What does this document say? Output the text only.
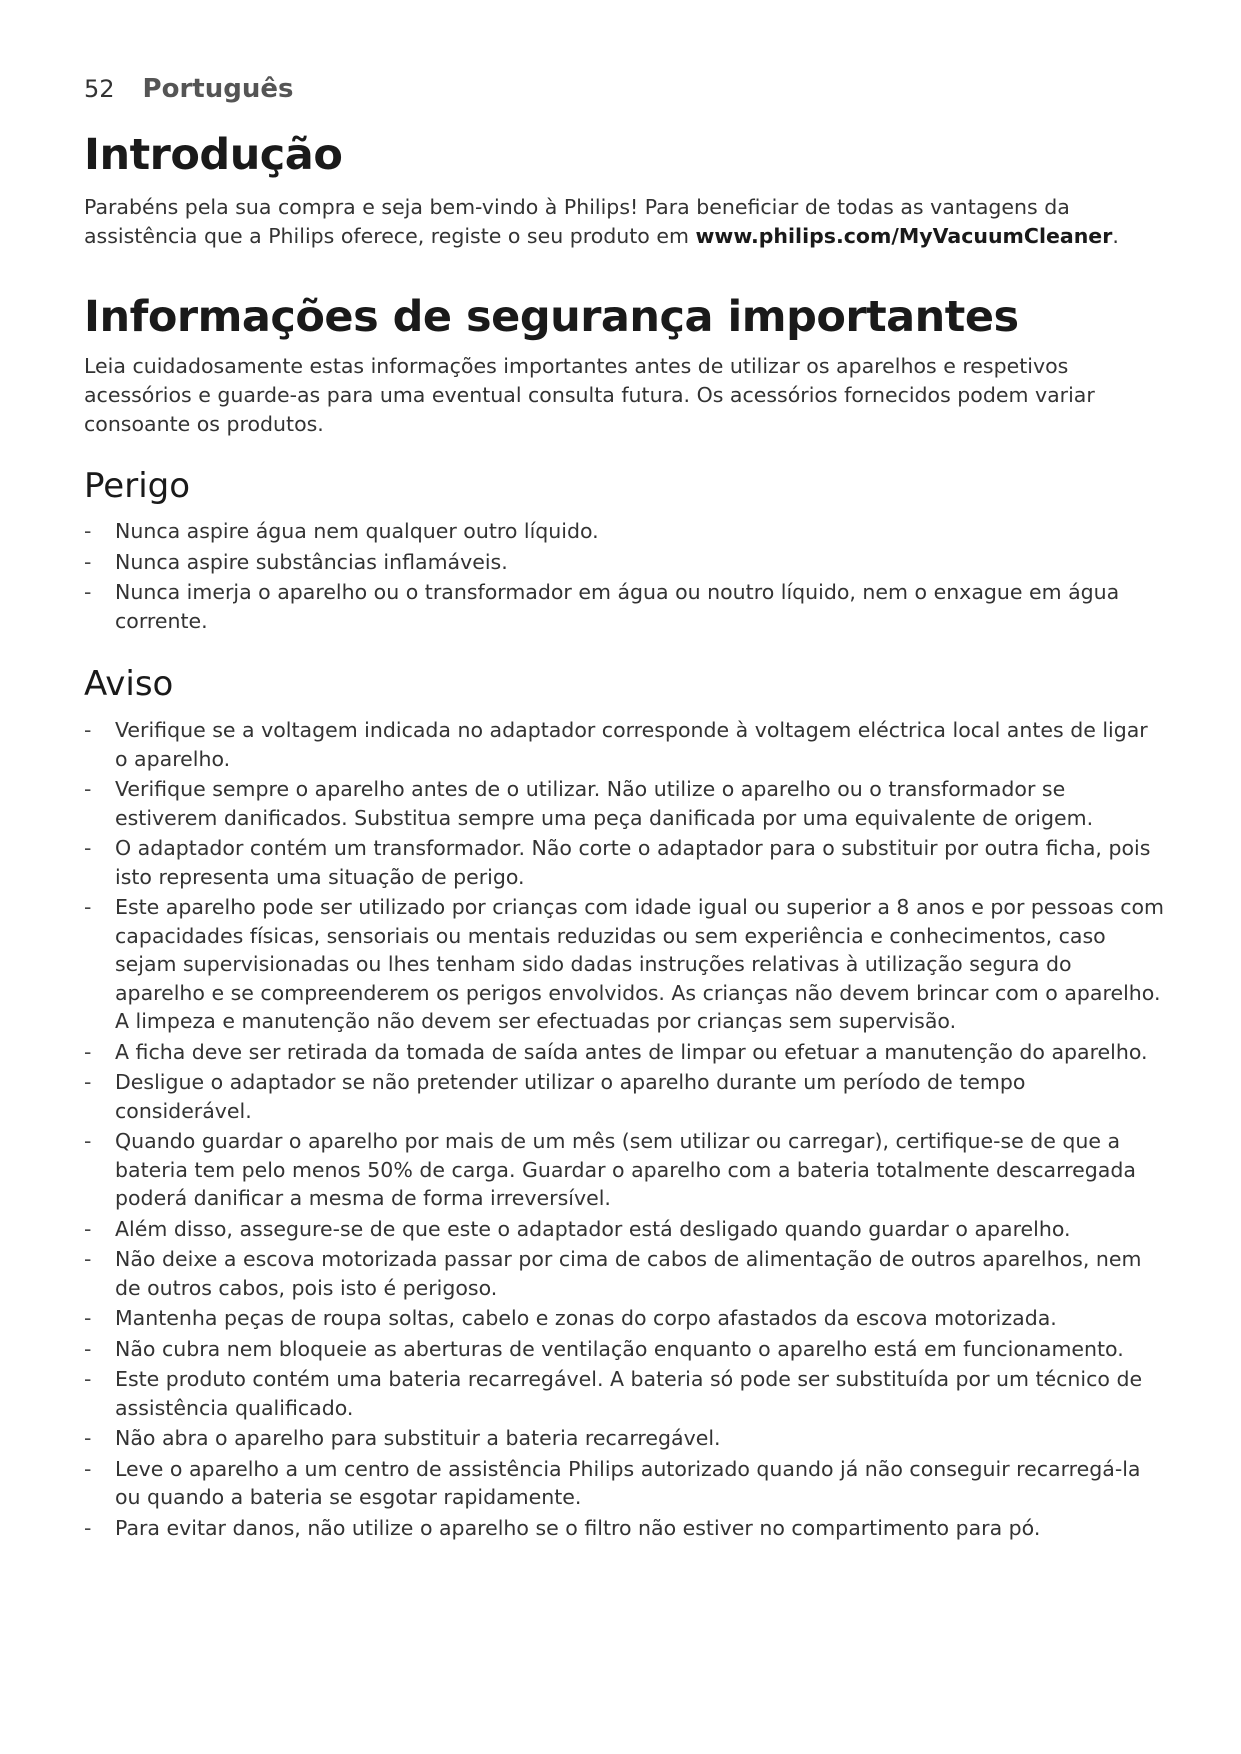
52 Português
Introdução

Parabéns pela sua compra e seja bem-vindo à Philips! Para beneficiar de todas as vantagens da assistência que a Philips oferece, registe o seu produto em www.philips.com/MyVacuumCleaner.

Informações de segurança importantes

Leia cuidadosamente estas informações importantes antes de utilizar os aparelhos e respetivos acessórios e guarde-as para uma eventual consulta futura. Os acessórios fornecidos podem variar consoante os produtos.

Perigo
- Nunca aspire água nem qualquer outro líquido.
- Nunca aspire substâncias inflamáveis.
- Nunca imerja o aparelho ou o transformador em água ou noutro líquido, nem o enxague em água corrente.
Aviso
- Verifique se a voltagem indicada no adaptador corresponde à voltagem eléctrica local antes de ligar o aparelho.
- Verifique sempre o aparelho antes de o utilizar. Não utilize o aparelho ou o transformador se estiverem danificados. Substitua sempre uma peça danificada por uma equivalente de origem.
- O adaptador contém um transformador. Não corte o adaptador para o substituir por outra ficha, pois isto representa uma situação de perigo.
- Este aparelho pode ser utilizado por crianças com idade igual ou superior a 8 anos e por pessoas com capacidades físicas, sensoriais ou mentais reduzidas ou sem experiência e conhecimentos, caso sejam supervisionadas ou lhes tenham sido dadas instruções relativas à utilização segura do aparelho e se compreenderem os perigos envolvidos. As crianças não devem brincar com o aparelho. A limpeza e manutenção não devem ser efectuadas por crianças sem supervisão.
- A ficha deve ser retirada da tomada de saída antes de limpar ou efetuar a manutenção do aparelho.
- Desligue o adaptador se não pretender utilizar o aparelho durante um período de tempo considerável.
- Quando guardar o aparelho por mais de um mês (sem utilizar ou carregar), certifique-se de que a bateria tem pelo menos 50% de carga. Guardar o aparelho com a bateria totalmente descarregada poderá danificar a mesma de forma irreversível.
- Além disso, assegure-se de que este o adaptador está desligado quando guardar o aparelho.
- Não deixe a escova motorizada passar por cima de cabos de alimentação de outros aparelhos, nem de outros cabos, pois isto é perigoso.
- Mantenha peças de roupa soltas, cabelo e zonas do corpo afastados da escova motorizada.
- Não cubra nem bloqueie as aberturas de ventilação enquanto o aparelho está em funcionamento.
- Este produto contém uma bateria recarregável. A bateria só pode ser substituída por um técnico de assistência qualificado.
- Não abra o aparelho para substituir a bateria recarregável.
- Leve o aparelho a um centro de assistência Philips autorizado quando já não conseguir recarregá-la ou quando a bateria se esgotar rapidamente.
- Para evitar danos, não utilize o aparelho se o filtro não estiver no compartimento para pó.
